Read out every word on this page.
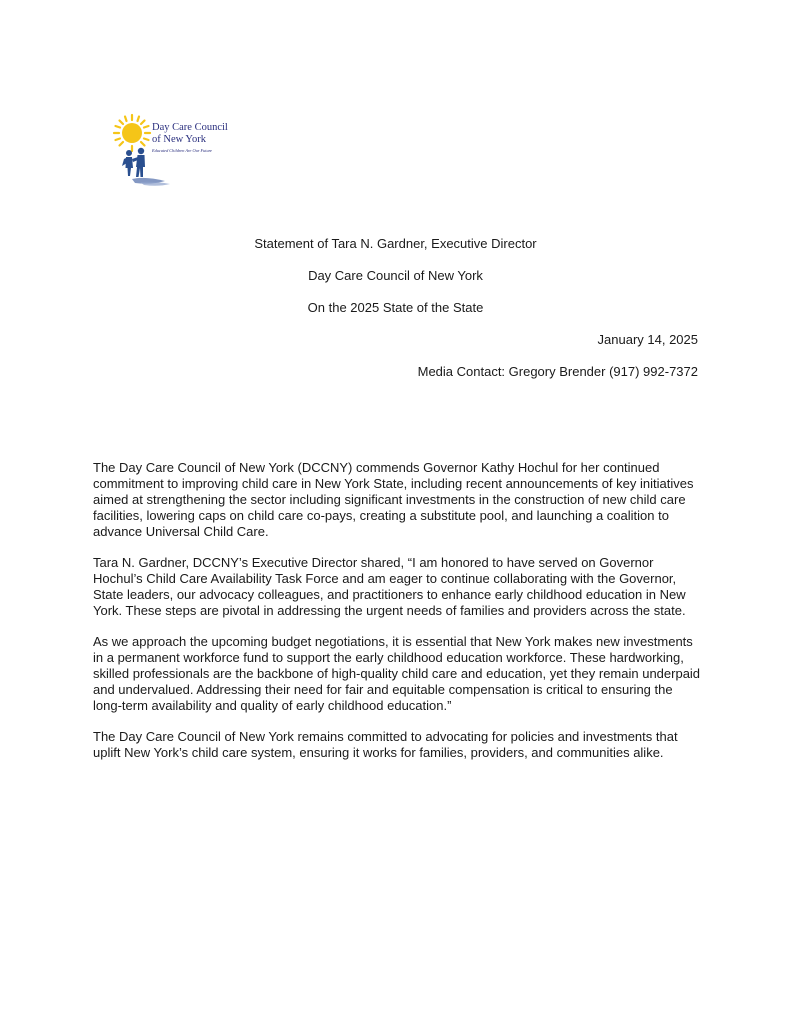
Day Care Council
of New York
Educated Children Are Our Future
Statement of Tara N. Gardner, Executive Director
Day Care Council of New York
On the 2025 State of the State
January 14, 2025
Media Contact: Gregory Brender (917) 992-7372

The Day Care Council of New York (DCCNY) commends Governor Kathy Hochul for her continued commitment to improving child care in New York State, including recent announcements of key initiatives aimed at strengthening the sector including significant investments in the construction of new child care facilities, lowering caps on child care co-pays, creating a substitute pool, and launching a coalition to advance Universal Child Care.

Tara N. Gardner, DCCNY’s Executive Director shared, “I am honored to have served on Governor Hochul’s Child Care Availability Task Force and am eager to continue collaborating with the Governor, State leaders, our advocacy colleagues, and practitioners to enhance early childhood education in New York. These steps are pivotal in addressing the urgent needs of families and providers across the state.

As we approach the upcoming budget negotiations, it is essential that New York makes new investments in a permanent workforce fund to support the early childhood education workforce. These hardworking, skilled professionals are the backbone of high-quality child care and education, yet they remain underpaid and undervalued. Addressing their need for fair and equitable compensation is critical to ensuring the long-term availability and quality of early childhood education.”

The Day Care Council of New York remains committed to advocating for policies and investments that uplift New York’s child care system, ensuring it works for families, providers, and communities alike.
